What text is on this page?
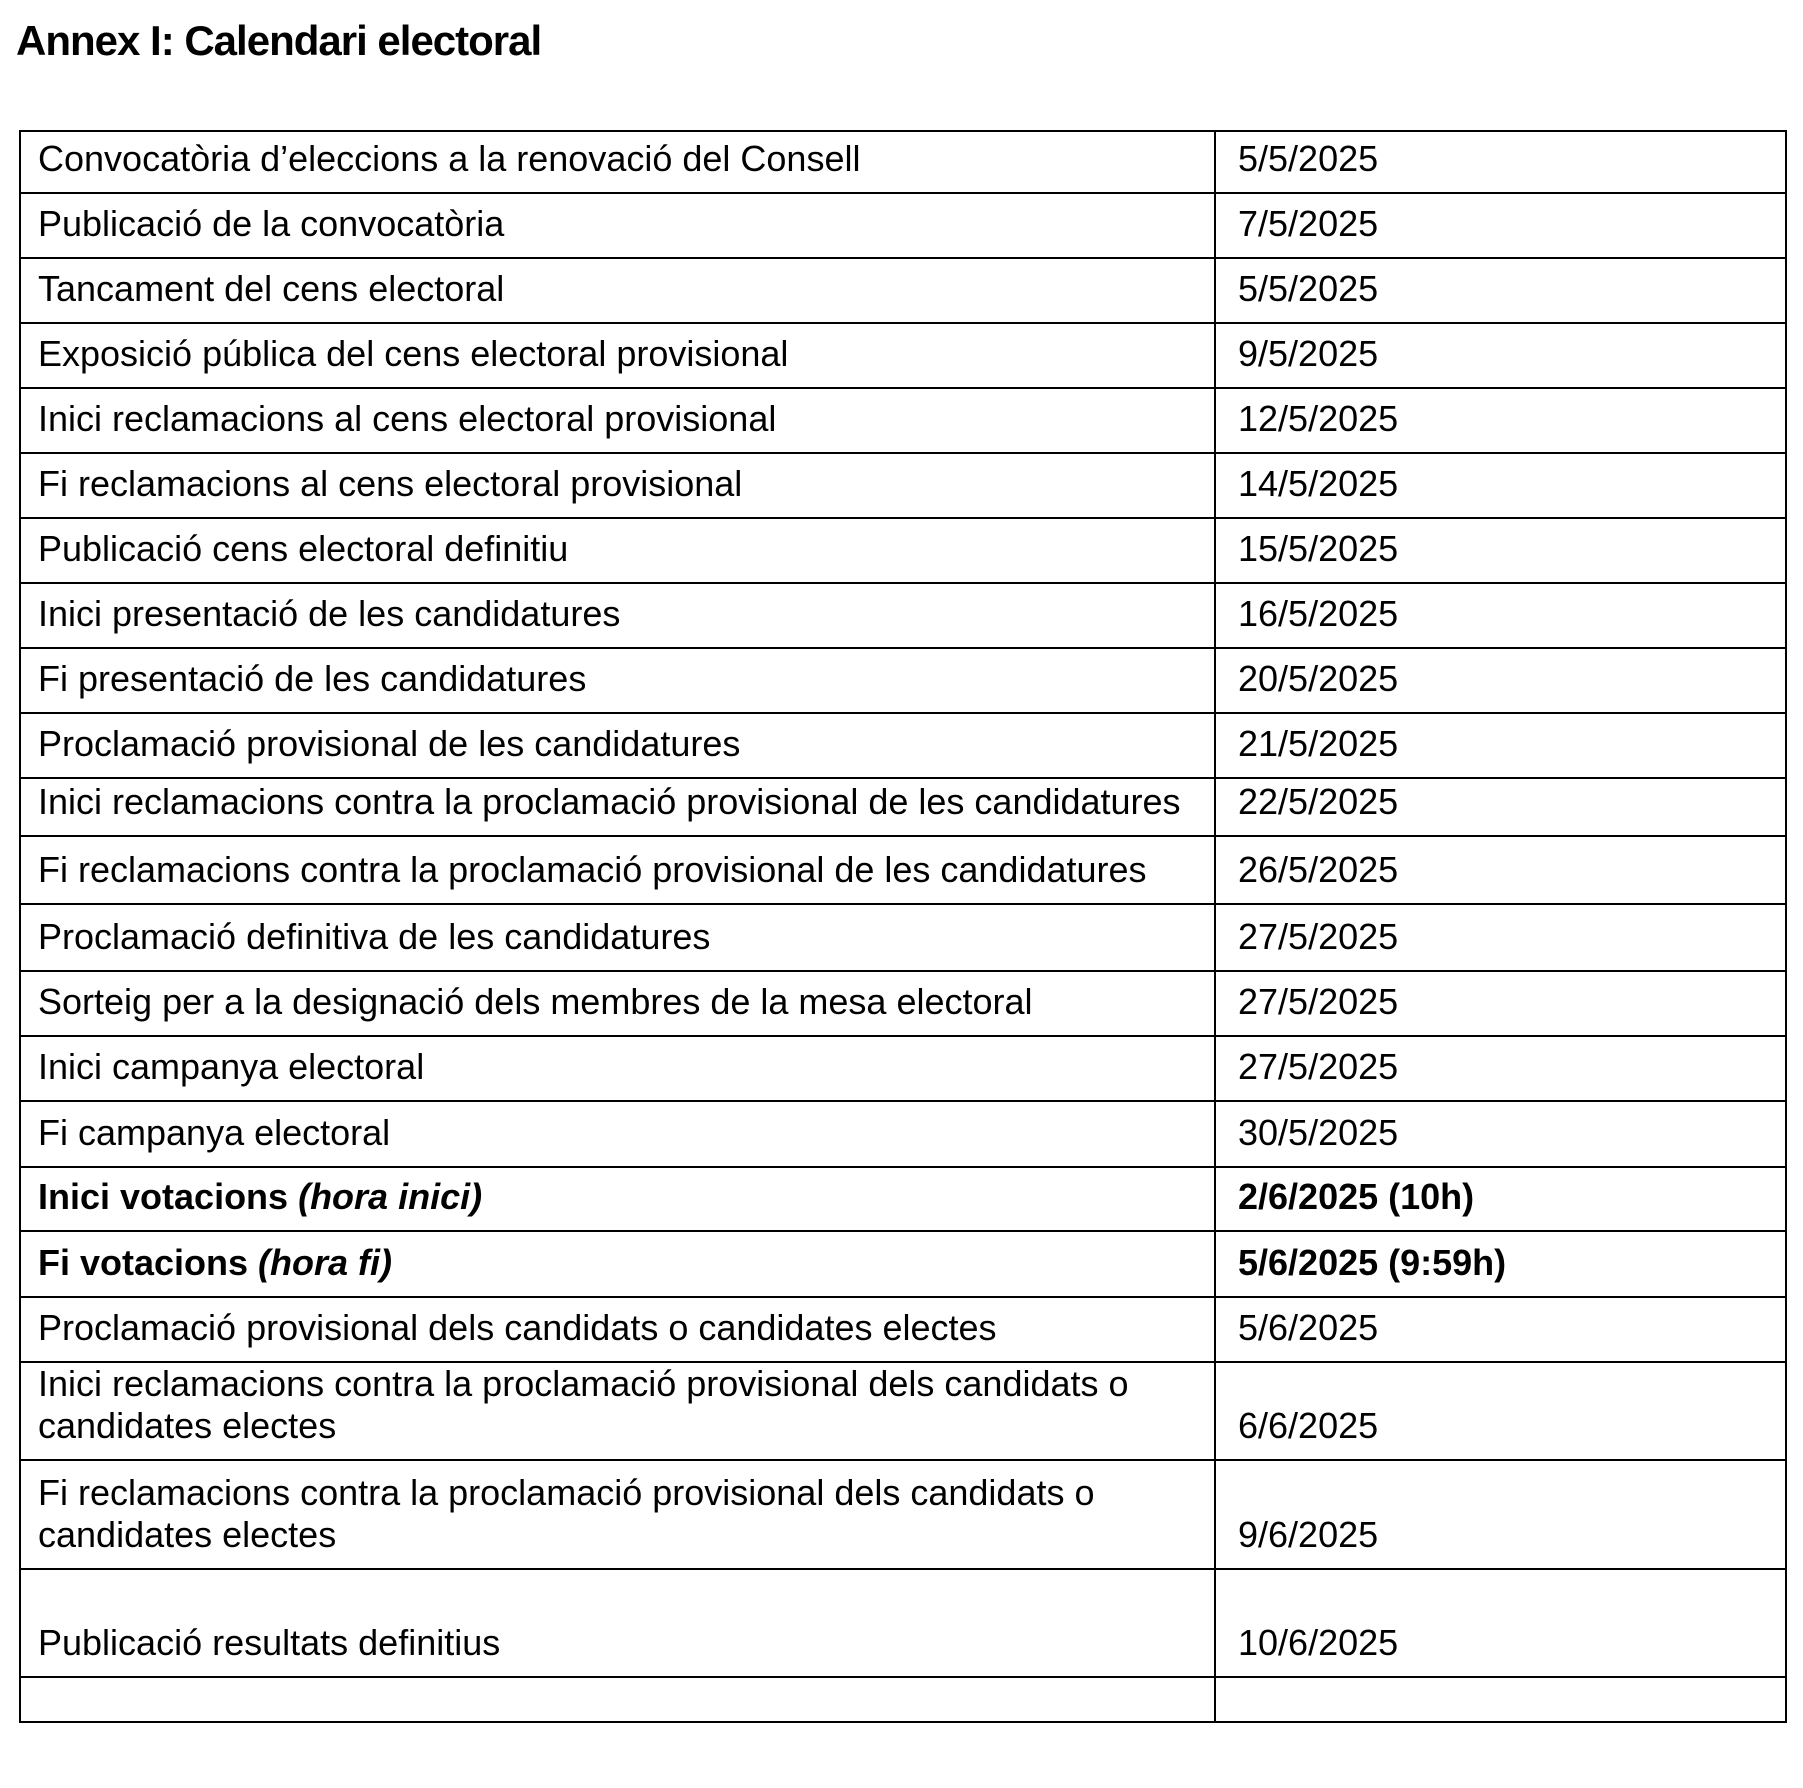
Annex I: Calendari electoral
Convocatòria d’eleccions a la renovació del Consell	5/5/2025
Publicació de la convocatòria	7/5/2025
Tancament del cens electoral	5/5/2025
Exposició pública del cens electoral provisional	9/5/2025
Inici reclamacions al cens electoral provisional	12/5/2025
Fi reclamacions al cens electoral provisional	14/5/2025
Publicació cens electoral definitiu	15/5/2025
Inici presentació de les candidatures	16/5/2025
Fi presentació de les candidatures	20/5/2025
Proclamació provisional de les candidatures	21/5/2025
Inici reclamacions contra la proclamació provisional de les candidatures	22/5/2025
Fi reclamacions contra la proclamació provisional de les candidatures	26/5/2025
Proclamació definitiva de les candidatures	27/5/2025
Sorteig per a la designació dels membres de la mesa electoral	27/5/2025
Inici campanya electoral	27/5/2025
Fi campanya electoral	30/5/2025
Inici votacions (hora inici)	2/6/2025 (10h)
Fi votacions (hora fi)	5/6/2025 (9:59h)
Proclamació provisional dels candidats o candidates electes	5/6/2025

Inici reclamacions contra la proclamació provisional dels candidats o
candidates electes	6/6/2025

Fi reclamacions contra la proclamació provisional dels candidats o
candidates electes	9/6/2025
Publicació resultats definitius	10/6/2025
